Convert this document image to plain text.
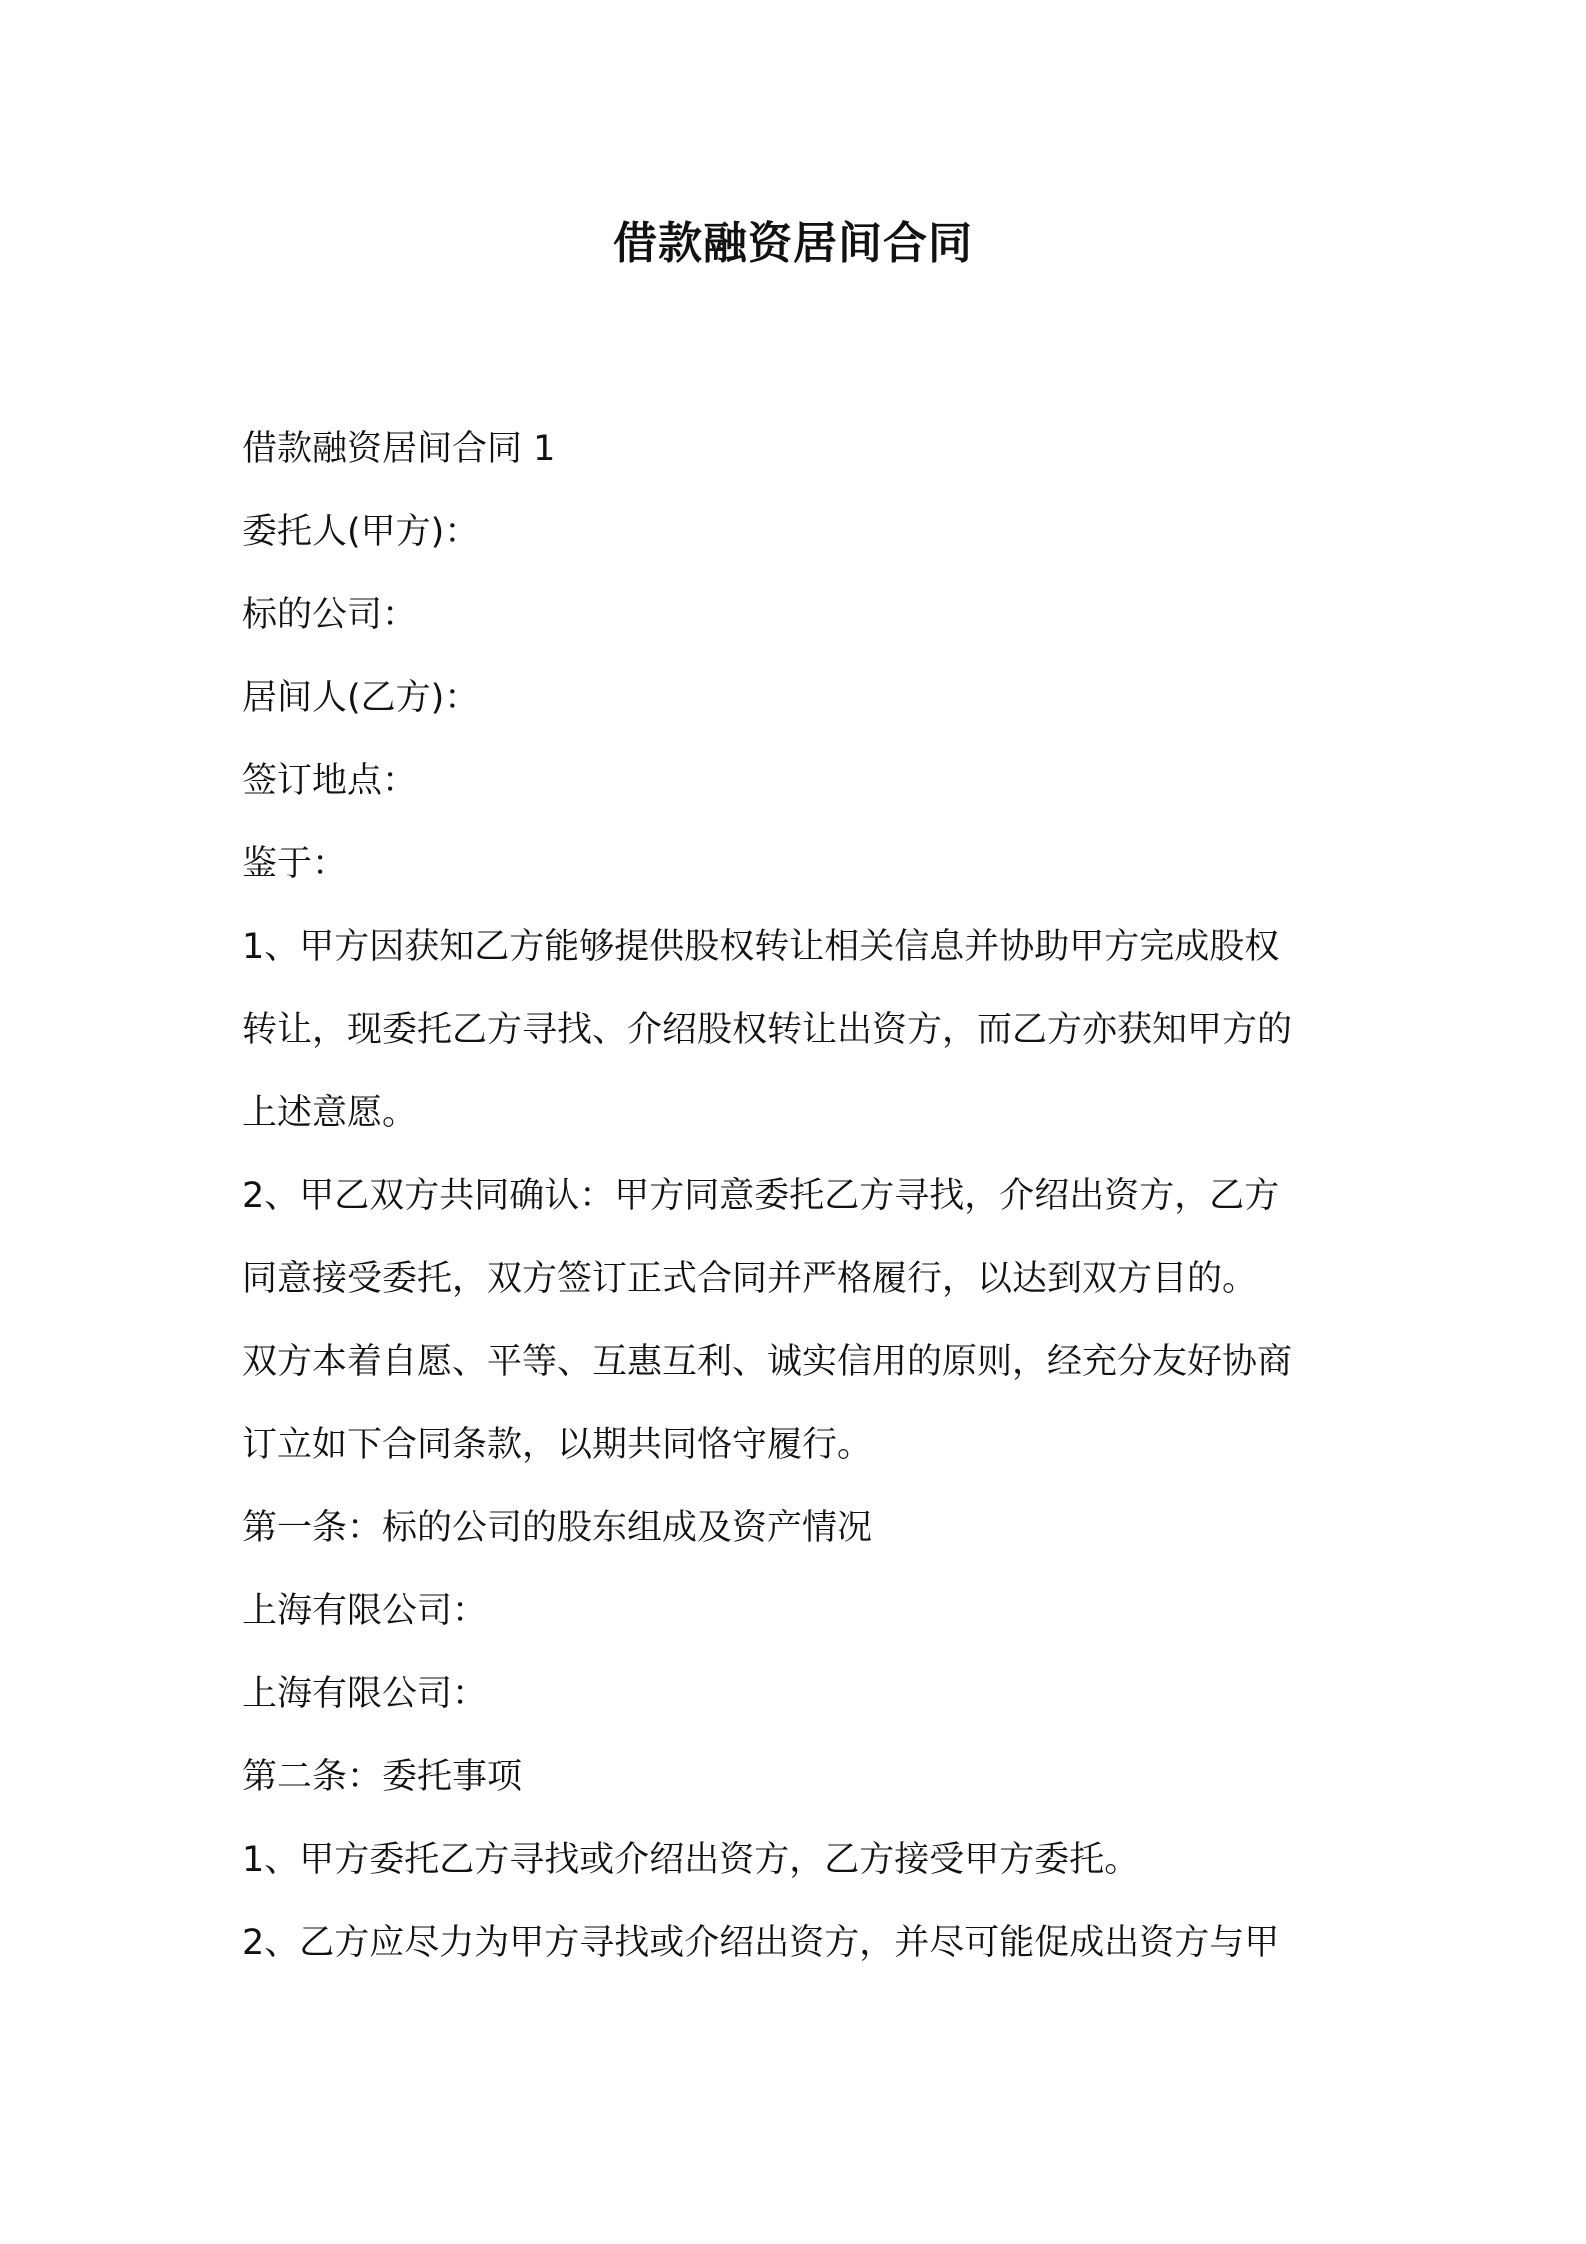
借款融资居间合同

借款融资居间合同 1

委托人(甲方)：

标的公司：

居间人(乙方)：

签订地点：

鉴于：

1、甲方因获知乙方能够提供股权转让相关信息并协助甲方完成股权

转让，现委托乙方寻找、介绍股权转让出资方，而乙方亦获知甲方的

上述意愿。

2、甲乙双方共同确认：甲方同意委托乙方寻找，介绍出资方，乙方

同意接受委托，双方签订正式合同并严格履行，以达到双方目的。

双方本着自愿、平等、互惠互利、诚实信用的原则，经充分友好协商

订立如下合同条款，以期共同恪守履行。

第一条：标的公司的股东组成及资产情况

上海有限公司：

上海有限公司：

第二条：委托事项

1、甲方委托乙方寻找或介绍出资方，乙方接受甲方委托。

2、乙方应尽力为甲方寻找或介绍出资方，并尽可能促成出资方与甲
